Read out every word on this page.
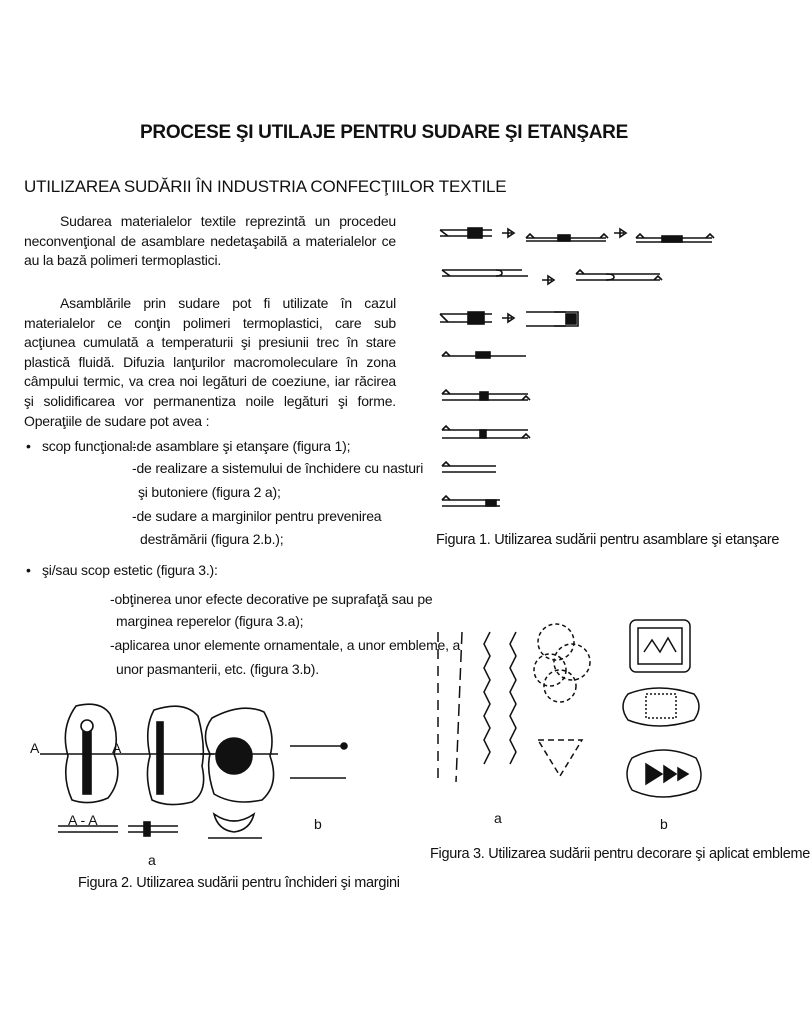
PROCESE ŞI UTILAJE PENTRU SUDARE ŞI ETANŞARE
UTILIZAREA SUDĂRII ÎN INDUSTRIA CONFECŢIILOR TEXTILE
Sudarea materialelor textile reprezintă un procedeu neconvenţional de asamblare nedetaşabilă a materialelor ce au la bază polimeri termoplastici.
Asamblările prin sudare pot fi utilizate în cazul materialelor ce conţin polimeri termoplastici, care sub acţiunea cumulată a temperaturii şi presiunii trec în stare plastică fluidă. Difuzia lanţurilor macromoleculare în zona câmpului termic, va crea noi legături de coeziune, iar răcirea şi solidificarea vor permanentiza noile legături şi forme. Operaţiile de sudare pot avea :
• scop funcţional:
-de asamblare şi etanşare (figura 1);
-de realizare a sistemului de închidere cu nasturi
şi butoniere (figura 2 a);
-de sudare a marginilor pentru prevenirea
destrămării (figura 2.b.);
• şi/sau scop estetic (figura 3.):
-obţinerea unor efecte decorative pe suprafaţă sau pe
marginea reperelor (figura 3.a);
-aplicarea unor elemente ornamentale, a unor embleme, a
unor pasmanterii, etc. (figura 3.b).
Figura 1. Utilizarea sudării pentru asamblare şi etanşare
A - A
A	A
a
b
Figura 2. Utilizarea sudării pentru închideri şi margini
a	b
Figura 3. Utilizarea sudării pentru decorare şi aplicat embleme
